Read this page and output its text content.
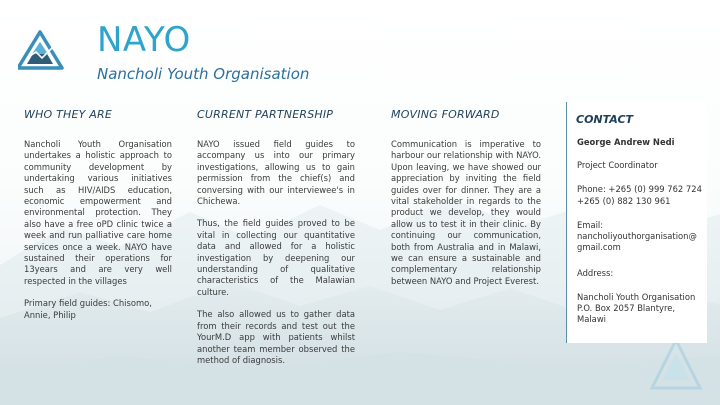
NAYO
Nancholi Youth Organisation
WHO THEY ARE

Nancholi Youth Organisation undertakes a holistic approach to community development by undertaking various initiatives such as HIV/AIDS education, economic empowerment and environmental protection. They also have a free oPD clinic twice a week and run palliative care home services once a week. NAYO have sustained their operations for 13years and are very well respected in the villages

Primary field guides: Chisomo, Annie, Philip

CURRENT PARTNERSHIP

NAYO issued field guides to accompany us into our primary investigations, allowing us to gain permission from the chief(s) and conversing with our interviewee's in Chichewa.

Thus, the field guides proved to be vital in collecting our quantitative data and allowed for a holistic investigation by deepening our understanding of qualitative characteristics of the Malawian culture.

The also allowed us to gather data from their records and test out the YourM.D app with patients whilst another team member observed the method of diagnosis.

MOVING FORWARD

Communication is imperative to harbour our relationship with NAYO. Upon leaving, we have showed our appreciation by inviting the field guides over for dinner. They are a vital stakeholder in regards to the product we develop, they would allow us to test it in their clinic. By continuing our communication, both from Australia and in Malawi, we can ensure a sustainable and complementary relationship between NAYO and Project Everest.

CONTACT
George Andrew Nedi
Project Coordinator
Phone: +265 (0) 999 762 724
+265 (0) 882 130 961
Email:
nancholiyouthorganisation@
gmail.com
Address:
Nancholi Youth Organisation
P.O. Box 2057 Blantyre,
Malawi
